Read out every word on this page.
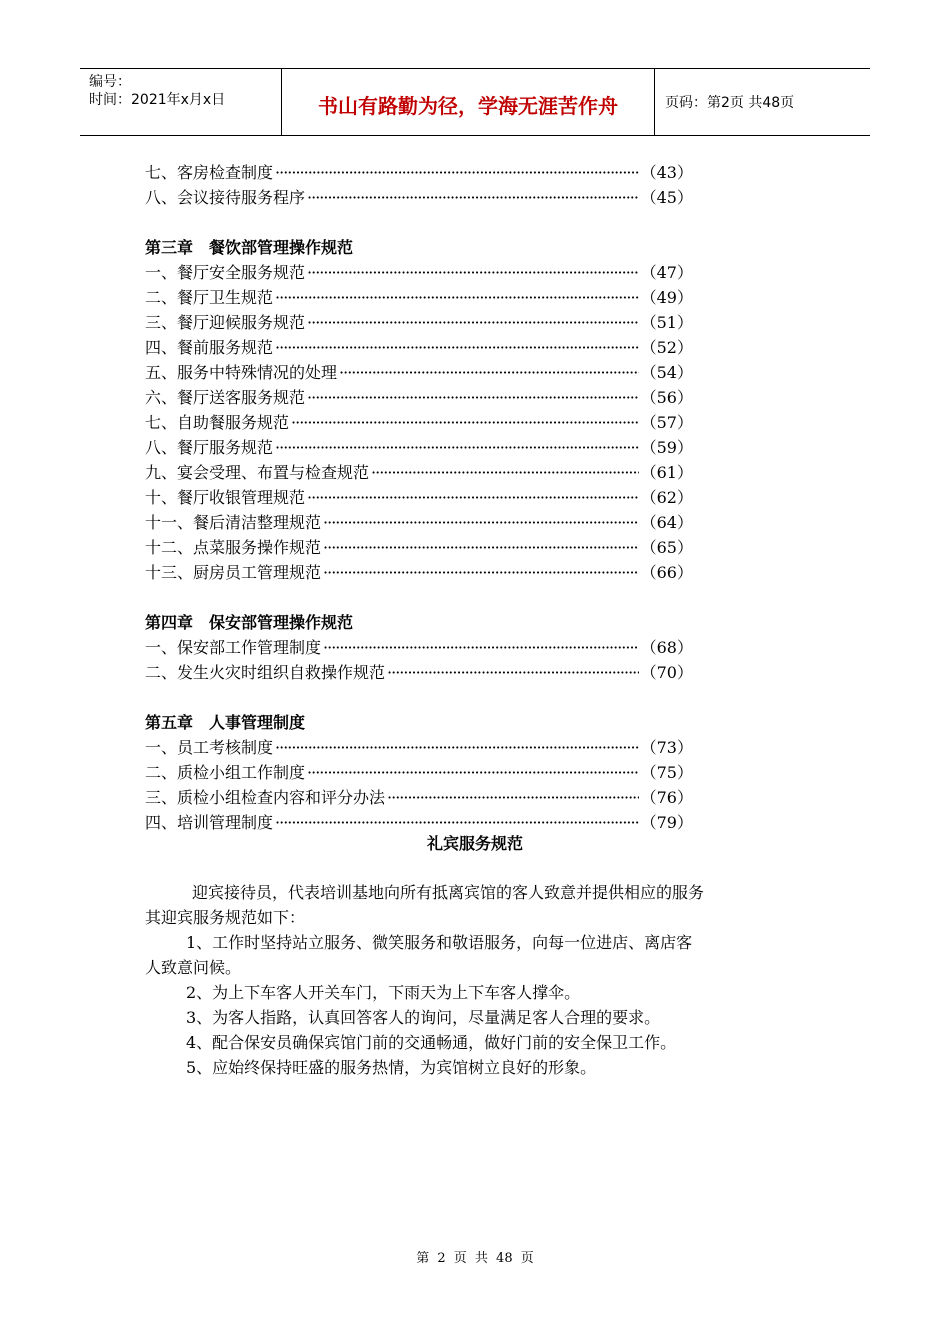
编号：
时间：2021年x月x日	书山有路勤为径，学海无涯苦作舟	页码：第2页 共48页
七、客房检查制度 ·····	（43）
八、会议接待服务程序 ·····	（45）
第三章　餐饮部管理操作规范
一、餐厅安全服务规范 ·····	（47）
二、餐厅卫生规范 ·····	（49）
三、餐厅迎候服务规范 ·····	（51）
四、餐前服务规范 ·····	（52）
五、服务中特殊情况的处理 ·····	（54）
六、餐厅送客服务规范 ·····	（56）
七、自助餐服务规范 ·····	（57）
八、餐厅服务规范 ·····	（59）
九、宴会受理、布置与检查规范 ·····	（61）
十、餐厅收银管理规范 ·····	（62）
十一、餐后清洁整理规范 ·····	（64）
十二、点菜服务操作规范 ·····	（65）
十三、厨房员工管理规范 ·····	（66）
第四章　保安部管理操作规范
一、保安部工作管理制度 ·····	（68）
二、发生火灾时组织自救操作规范 ·····	（70）
第五章　人事管理制度
一、员工考核制度 ·····	（73）
二、质检小组工作制度 ·····	（75）
三、质检小组检查内容和评分办法 ·····	（76）
四、培训管理制度 ·····	（79）
礼宾服务规范
迎宾接待员，代表培训基地向所有抵离宾馆的客人致意并提供相应的服务
其迎宾服务规范如下：
1、工作时坚持站立服务、微笑服务和敬语服务，向每一位进店、离店客
人致意问候。
2、为上下车客人开关车门，下雨天为上下车客人撑伞。
3、为客人指路，认真回答客人的询问，尽量满足客人合理的要求。
4、配合保安员确保宾馆门前的交通畅通，做好门前的安全保卫工作。
5、应始终保持旺盛的服务热情，为宾馆树立良好的形象。
第 2 页 共 48 页
